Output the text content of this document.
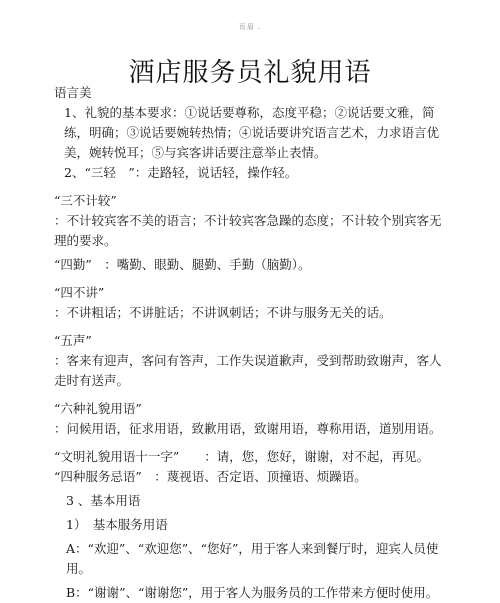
页眉 .
酒店服务员礼貌用语

语言美

1、礼貌的基本要求：①说话要尊称，态度平稳；②说话要文雅，简练，明确；③说话要婉转热情；④说话要讲究语言艺术，力求语言优美，婉转悦耳；⑤与宾客讲话要注意举止表情。

2、“三轻　”：走路轻，说话轻，操作轻。

“三不计较”

：不计较宾客不美的语言；不计较宾客急躁的态度；不计较个别宾客无理的要求。

“四勤”　：嘴勤、眼勤、腿勤、手勤（脑勤）。

“四不讲”

：不讲粗话；不讲脏话；不讲讽刺话；不讲与服务无关的话。

“五声”

：客来有迎声，客问有答声，工作失误道歉声，受到帮助致谢声，客人走时有送声。

“六种礼貌用语”

：问候用语，征求用语，致歉用语，致谢用语，尊称用语，道别用语。

“文明礼貌用语十一字”　　：请，您，您好，谢谢，对不起，再见。

“四种服务忌语”　：蔑视语、否定语、顶撞语、烦躁语。

3 、基本用语

1）　基本服务用语

A：“欢迎”、“欢迎您”、“您好”，用于客人来到餐厅时，迎宾人员使用。

B：“谢谢”、“谢谢您”，用于客人为服务员的工作带来方便时使用。
